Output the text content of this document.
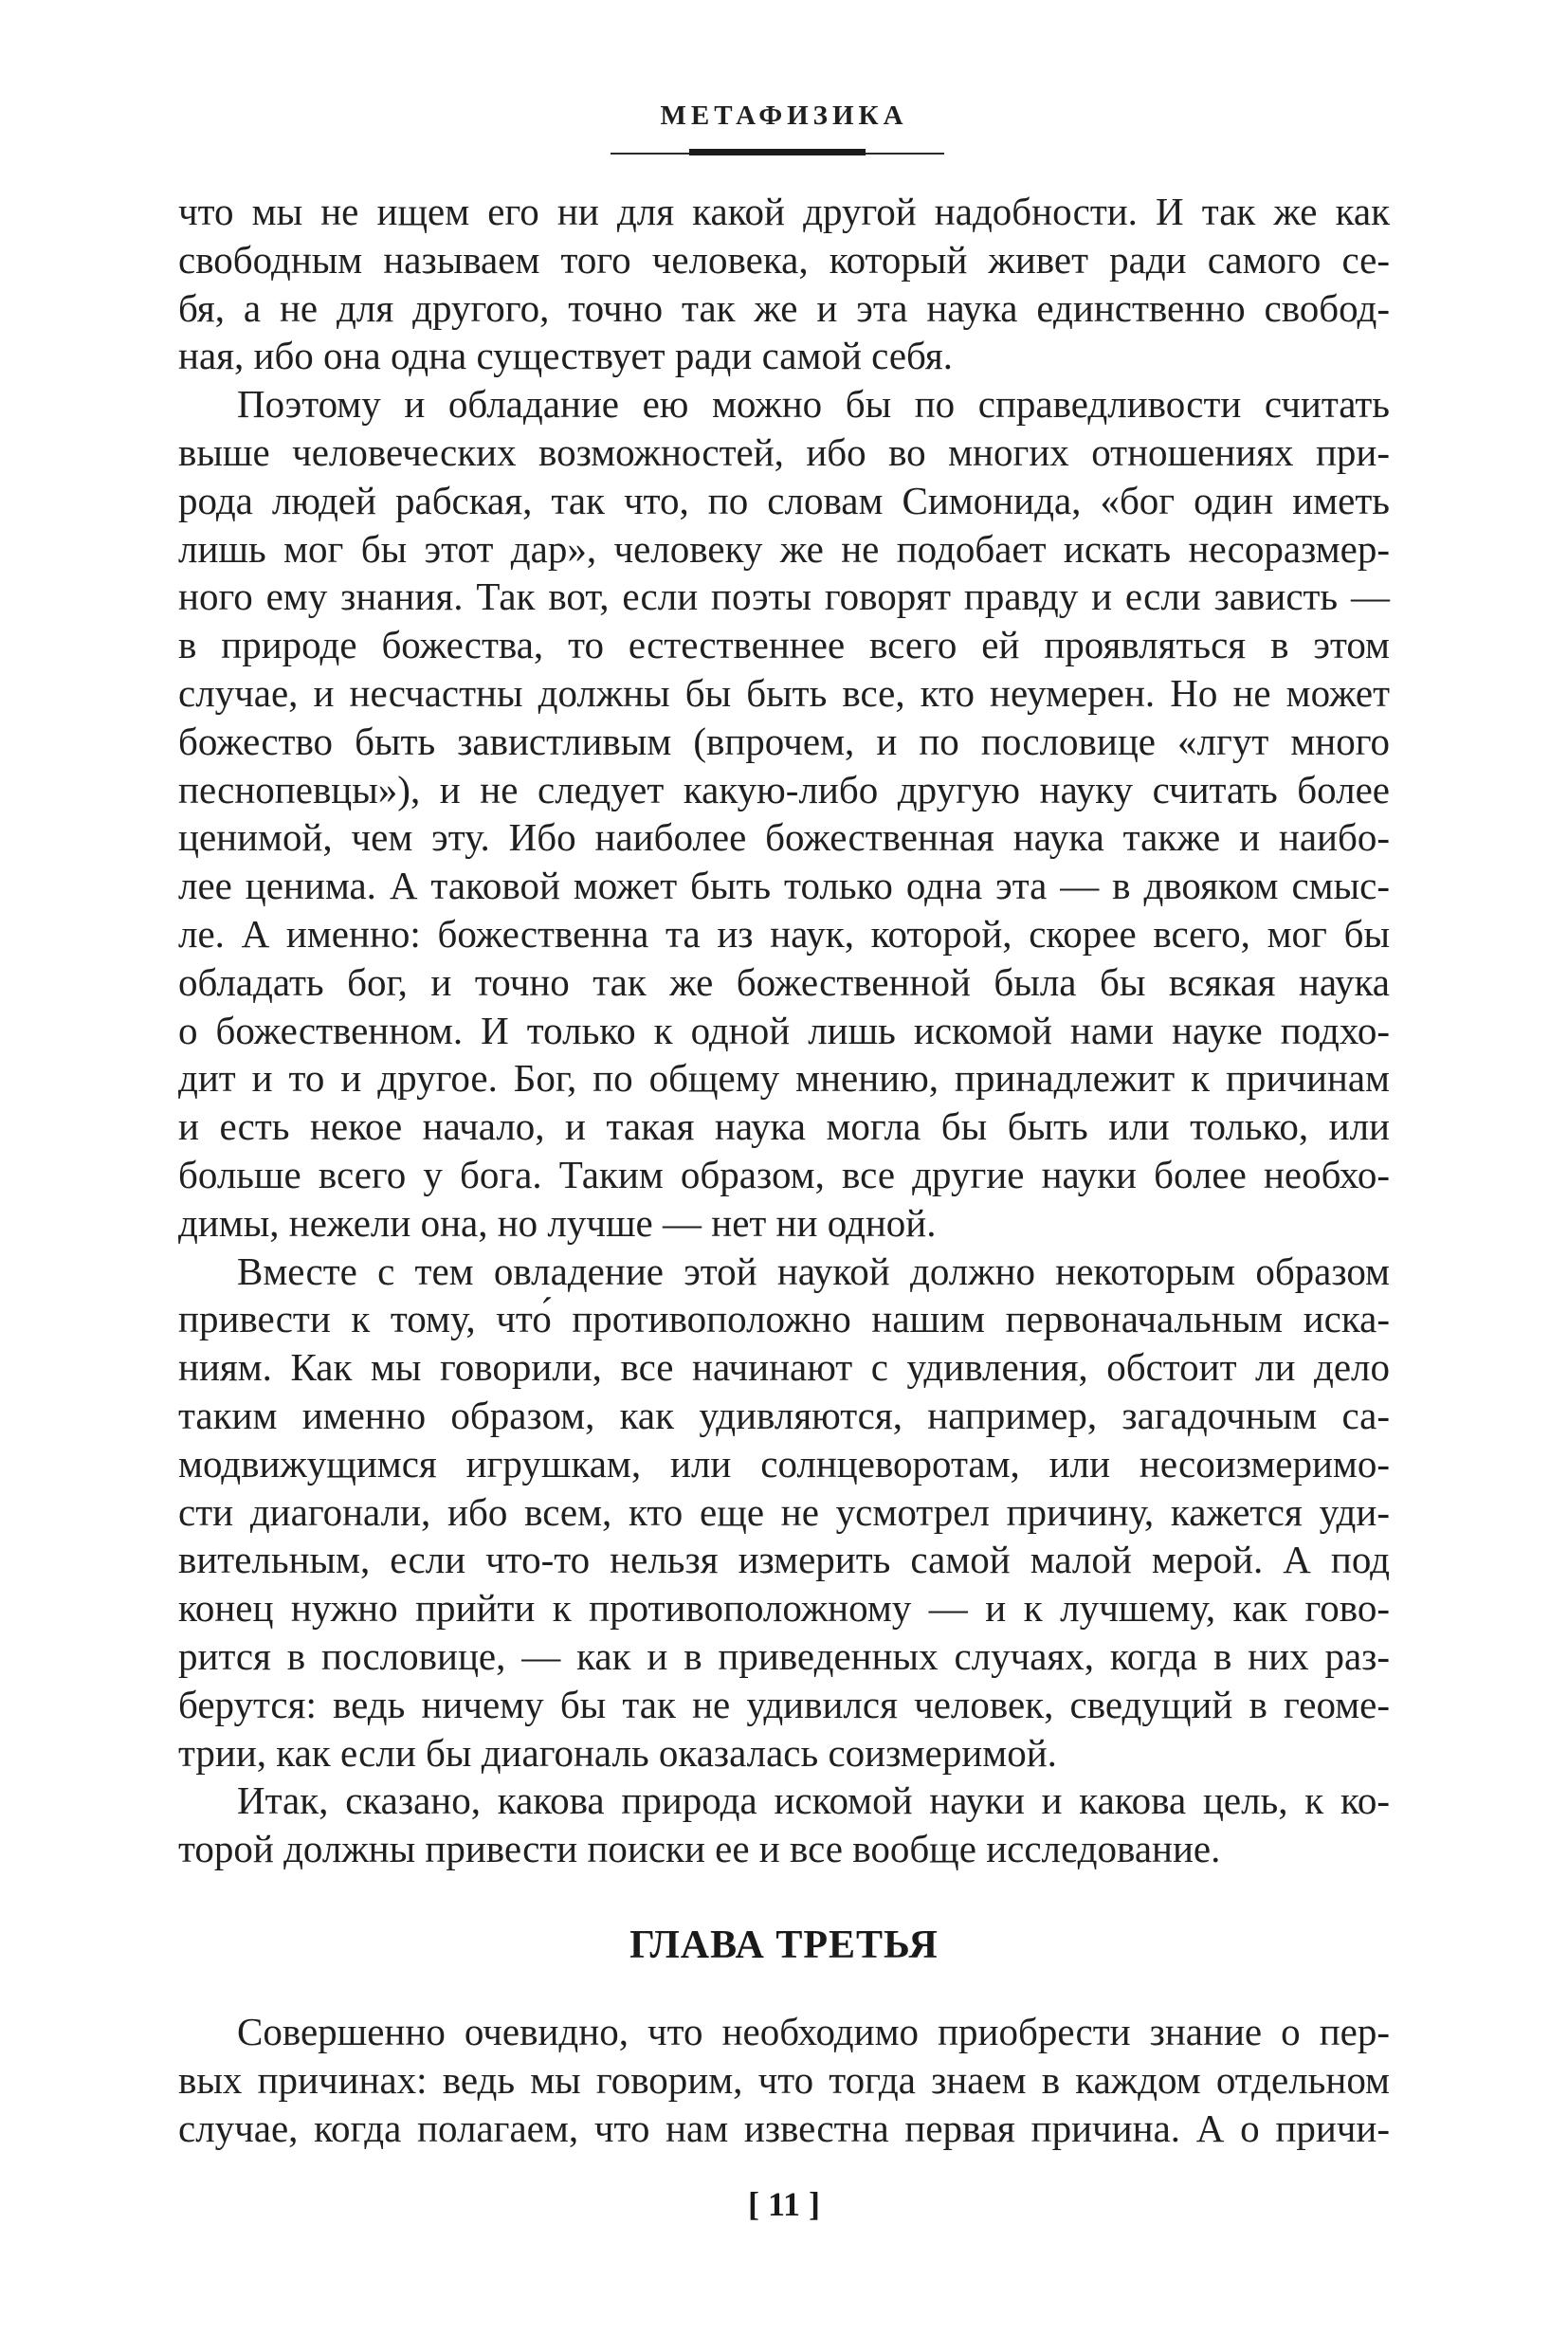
МЕТАФИЗИКА
что мы не ищем его ни для какой другой надобности. И так же как
свободным называем того человека, который живет ради самого се-
бя, а не для другого, точно так же и эта наука единственно свобод-
ная, ибо она одна существует ради самой себя.
Поэтому и обладание ею можно бы по справедливости считать
выше человеческих возможностей, ибо во многих отношениях при-
рода людей рабская, так что, по словам Симонида, «бог один иметь
лишь мог бы этот дар», человеку же не подобает искать несоразмер-
ного ему знания. Так вот, если поэты говорят правду и если зависть —
в природе божества, то естественнее всего ей проявляться в этом
случае, и несчастны должны бы быть все, кто неумерен. Но не может
божество быть завистливым (впрочем, и по пословице «лгут много
песнопевцы»), и не следует какую-либо другую науку считать более
ценимой, чем эту. Ибо наиболее божественная наука также и наибо-
лее ценима. А таковой может быть только одна эта — в двояком смыс-
ле. А именно: божественна та из наук, которой, скорее всего, мог бы
обладать бог, и точно так же божественной была бы всякая наука
о божественном. И только к одной лишь искомой нами науке подхо-
дит и то и другое. Бог, по общему мнению, принадлежит к причинам
и есть некое начало, и такая наука могла бы быть или только, или
больше всего у бога. Таким образом, все другие науки более необхо-
димы, нежели она, но лучше — нет ни одной.
Вместе с тем овладение этой наукой должно некоторым образом
привести к тому, что́ противоположно нашим первоначальным иска-
ниям. Как мы говорили, все начинают с удивления, обстоит ли дело
таким именно образом, как удивляются, например, загадочным са-
модвижущимся игрушкам, или солнцеворотам, или несоизмеримо-
сти диагонали, ибо всем, кто еще не усмотрел причину, кажется уди-
вительным, если что-то нельзя измерить самой малой мерой. А под
конец нужно прийти к противоположному — и к лучшему, как гово-
рится в пословице, — как и в приведенных случаях, когда в них раз-
берутся: ведь ничему бы так не удивился человек, сведущий в геоме-
трии, как если бы диагональ оказалась соизмеримой.
Итак, сказано, какова природа искомой науки и какова цель, к ко-
торой должны привести поиски ее и все вообще исследование.
ГЛАВА ТРЕТЬЯ
Совершенно очевидно, что необходимо приобрести знание о пер-
вых причинах: ведь мы говорим, что тогда знаем в каждом отдельном
случае, когда полагаем, что нам известна первая причина. А о причи-
[ 11 ]
